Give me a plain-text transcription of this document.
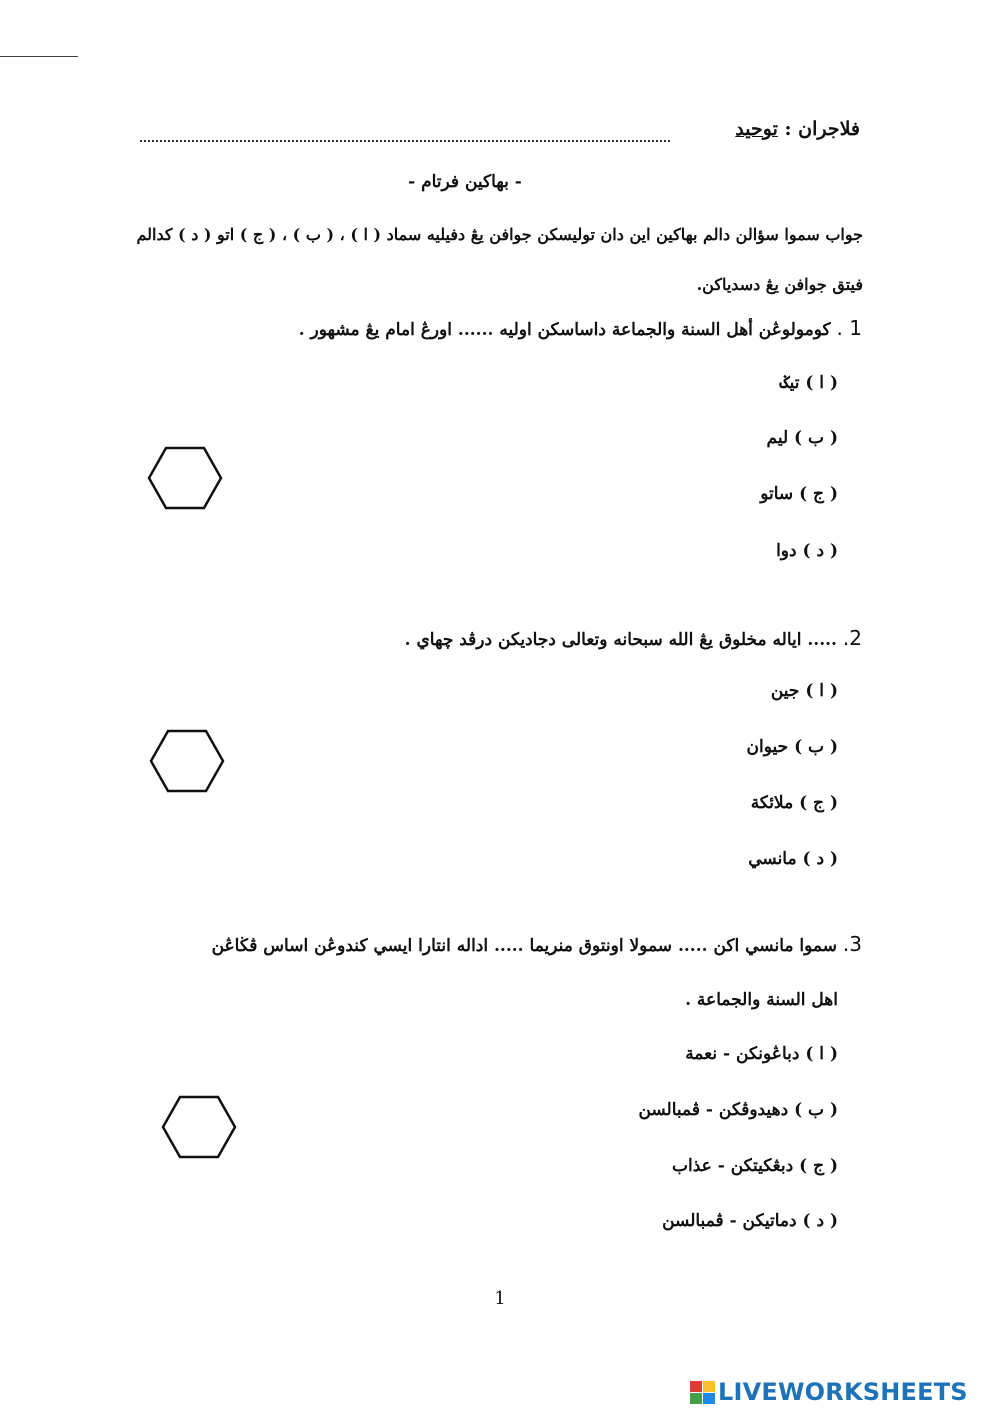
فلاجران : توحيد
- بهاكين فرتام -
جواب سموا سؤالن دالم بهاكين اين دان توليسكن جوافن يڠ دفيليه سماد ( ا ) ، ( ب ) ، ( ج ) اتو ( د ) كدالم فيتق جوافن يڠ دسدياكن.
1 . كومولوڠن أهل السنة والجماعة داساسكن اوليه ...... اورڠ امام يڠ مشهور .
( ا ) تيݢ
( ب ) ليم
( ج ) ساتو
( د ) دوا
2. ..... اياله مخلوق يڠ الله سبحانه وتعالى دجاديكن درڤد چهاي .
( ا ) جين
( ب ) حيوان
( ج ) ملائكة
( د ) مانسي
3. سموا مانسي اكن ..... سمولا اونتوق منريما ..... اداله انتارا ايسي كندوڠن اساس ڤڬاڠن
اهل السنة والجماعة .
( ا ) دباڠونكن - نعمة
( ب ) دهيدوڤكن - ڤمبالسن
( ج ) دبڠكيتكن - عذاب
( د ) دماتيكن - ڤمبالسن
1
LIVEWORKSHEETS
